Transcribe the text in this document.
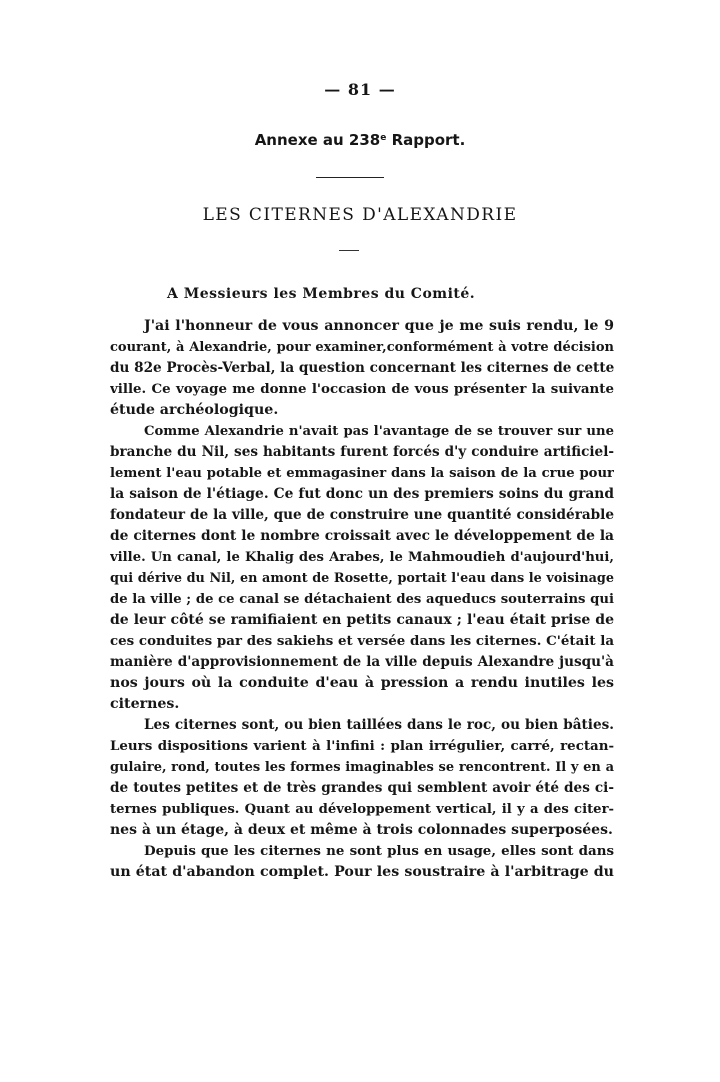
— 81 —
Annexe au 238e Rapport.
LES CITERNES D'ALEXANDRIE
A Messieurs les Membres du Comité.
J'ai l'honneur de vous annoncer que je me suis rendu, le 9
courant, à Alexandrie, pour examiner,conformément à votre décision
du 82e Procès-Verbal, la question concernant les citernes de cette
ville. Ce voyage me donne l'occasion de vous présenter la suivante
étude archéologique.
Comme Alexandrie n'avait pas l'avantage de se trouver sur une
branche du Nil, ses habitants furent forcés d'y conduire artificiel-
lement l'eau potable et emmagasiner dans la saison de la crue pour
la saison de l'étiage. Ce fut donc un des premiers soins du grand
fondateur de la ville, que de construire une quantité considérable
de citernes dont le nombre croissait avec le développement de la
ville. Un canal, le Khalig des Arabes, le Mahmoudieh d'aujourd'hui,
qui dérive du Nil, en amont de Rosette, portait l'eau dans le voisinage
de la ville ; de ce canal se détachaient des aqueducs souterrains qui
de leur côté se ramifiaient en petits canaux ; l'eau était prise de
ces conduites par des sakiehs et versée dans les citernes. C'était la
manière d'approvisionnement de la ville depuis Alexandre jusqu'à
nos jours où la conduite d'eau à pression a rendu inutiles les
citernes.
Les citernes sont, ou bien taillées dans le roc, ou bien bâties.
Leurs dispositions varient à l'infini : plan irrégulier, carré, rectan-
gulaire, rond, toutes les formes imaginables se rencontrent. Il y en a
de toutes petites et de très grandes qui semblent avoir été des ci-
ternes publiques. Quant au développement vertical, il y a des citer-
nes à un étage, à deux et même à trois colonnades superposées.
Depuis que les citernes ne sont plus en usage, elles sont dans
un état d'abandon complet. Pour les soustraire à l'arbitrage du
